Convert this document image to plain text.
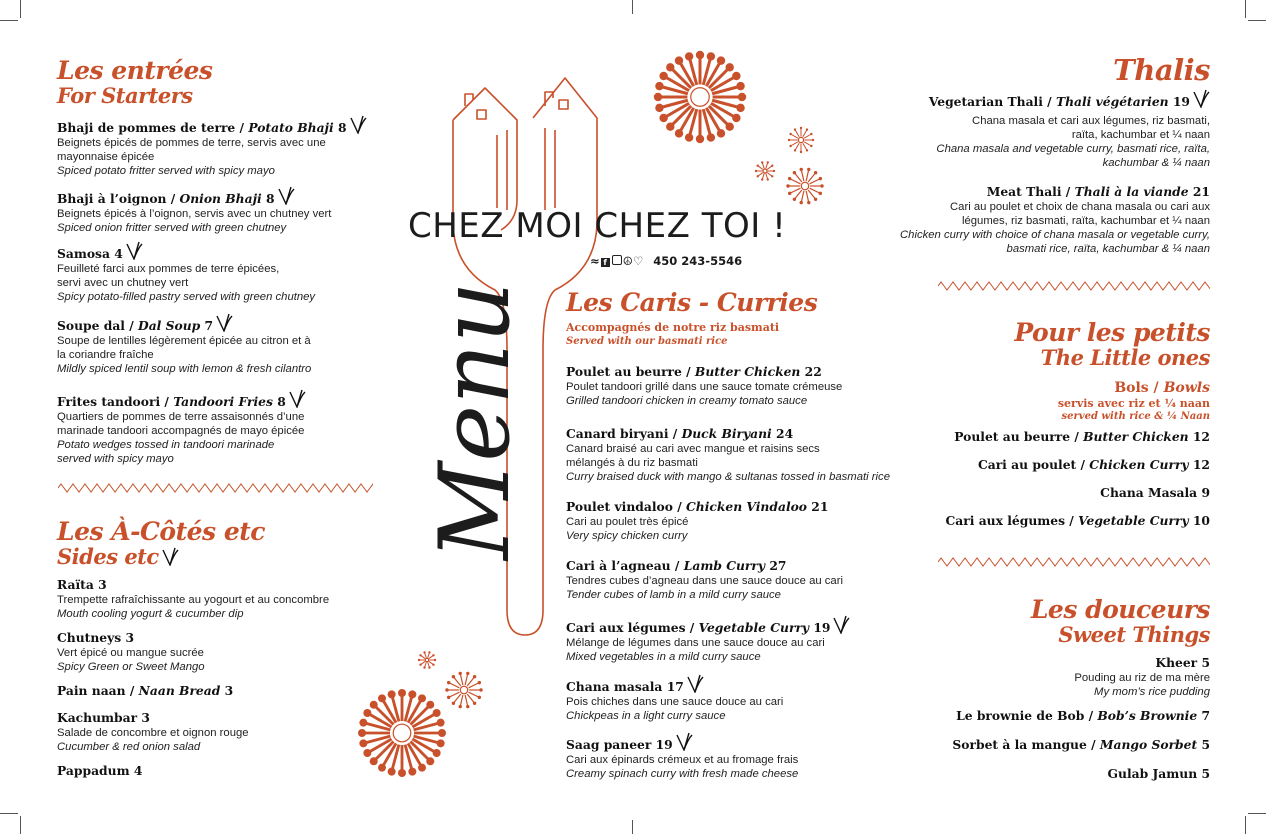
Menu
CHEZ MOI CHEZ TOI !
≈ f ☮♡ 450 243-5546
Les entrées
For Starters
Bhaji de pommes de terre / Potato Bhaji 8
Beignets épicés de pommes de terre, servis avec une mayonnaise épicée
Spiced potato fritter served with spicy mayo
Bhaji à l’oignon / Onion Bhaji 8
Beignets épicés à l’oignon, servis avec un chutney vert
Spiced onion fritter served with green chutney
Samosa 4
Feuilleté farci aux pommes de terre épicées, servi avec un chutney vert
Spicy potato-filled pastry served with green chutney
Soupe dal / Dal Soup 7
Soupe de lentilles légèrement épicée au citron et à la coriandre fraîche
Mildly spiced lentil soup with lemon & fresh cilantro
Frites tandoori / Tandoori Fries 8
Quartiers de pommes de terre assaisonnés d’une marinade tandoori accompagnés de mayo épicée
Potato wedges tossed in tandoori marinade served with spicy mayo
Les À-Côtés etc
Sides etc
Raïta 3
Trempette rafraîchissante au yogourt et au concombre
Mouth cooling yogurt & cucumber dip
Chutneys 3
Vert épicé ou mangue sucrée
Spicy Green or Sweet Mango
Pain naan / Naan Bread 3
Kachumbar 3
Salade de concombre et oignon rouge
Cucumber & red onion salad
Pappadum 4
Les Caris - Curries
Accompagnés de notre riz basmati
Served with our basmati rice
Poulet au beurre / Butter Chicken 22
Poulet tandoori grillé dans une sauce tomate crémeuse
Grilled tandoori chicken in creamy tomato sauce
Canard biryani / Duck Biryani 24
Canard braisé au cari avec mangue et raisins secs mélangés à du riz basmati
Curry braised duck with mango & sultanas tossed in basmati rice
Poulet vindaloo / Chicken Vindaloo 21
Cari au poulet très épicé
Very spicy chicken curry
Cari à l’agneau / Lamb Curry 27
Tendres cubes d’agneau dans une sauce douce au cari
Tender cubes of lamb in a mild curry sauce
Cari aux légumes / Vegetable Curry 19
Mélange de légumes dans une sauce douce au cari
Mixed vegetables in a mild curry sauce
Chana masala 17
Pois chiches dans une sauce douce au cari
Chickpeas in a light curry sauce
Saag paneer 19
Cari aux épinards crémeux et au fromage frais
Creamy spinach curry with fresh made cheese
Thalis
Vegetarian Thali / Thali végétarien 19
Chana masala et cari aux légumes, riz basmati, raïta, kachumbar et ¼ naan
Chana masala and vegetable curry, basmati rice, raïta, kachumbar & ¼ naan
Meat Thali / Thali à la viande 21
Cari au poulet et choix de chana masala ou cari aux légumes, riz basmati, raïta, kachumbar et ¼ naan
Chicken curry with choice of chana masala or vegetable curry, basmati rice, raïta, kachumbar & ¼ naan
Pour les petits
The Little ones
Bols / Bowls
servis avec riz et ¼ naan
served with rice & ¼ Naan
Poulet au beurre / Butter Chicken 12
Cari au poulet / Chicken Curry 12
Chana Masala 9
Cari aux légumes / Vegetable Curry 10
Les douceurs
Sweet Things
Kheer 5
Pouding au riz de ma mère
My mom’s rice pudding
Le brownie de Bob / Bob’s Brownie 7
Sorbet à la mangue / Mango Sorbet 5
Gulab Jamun 5
